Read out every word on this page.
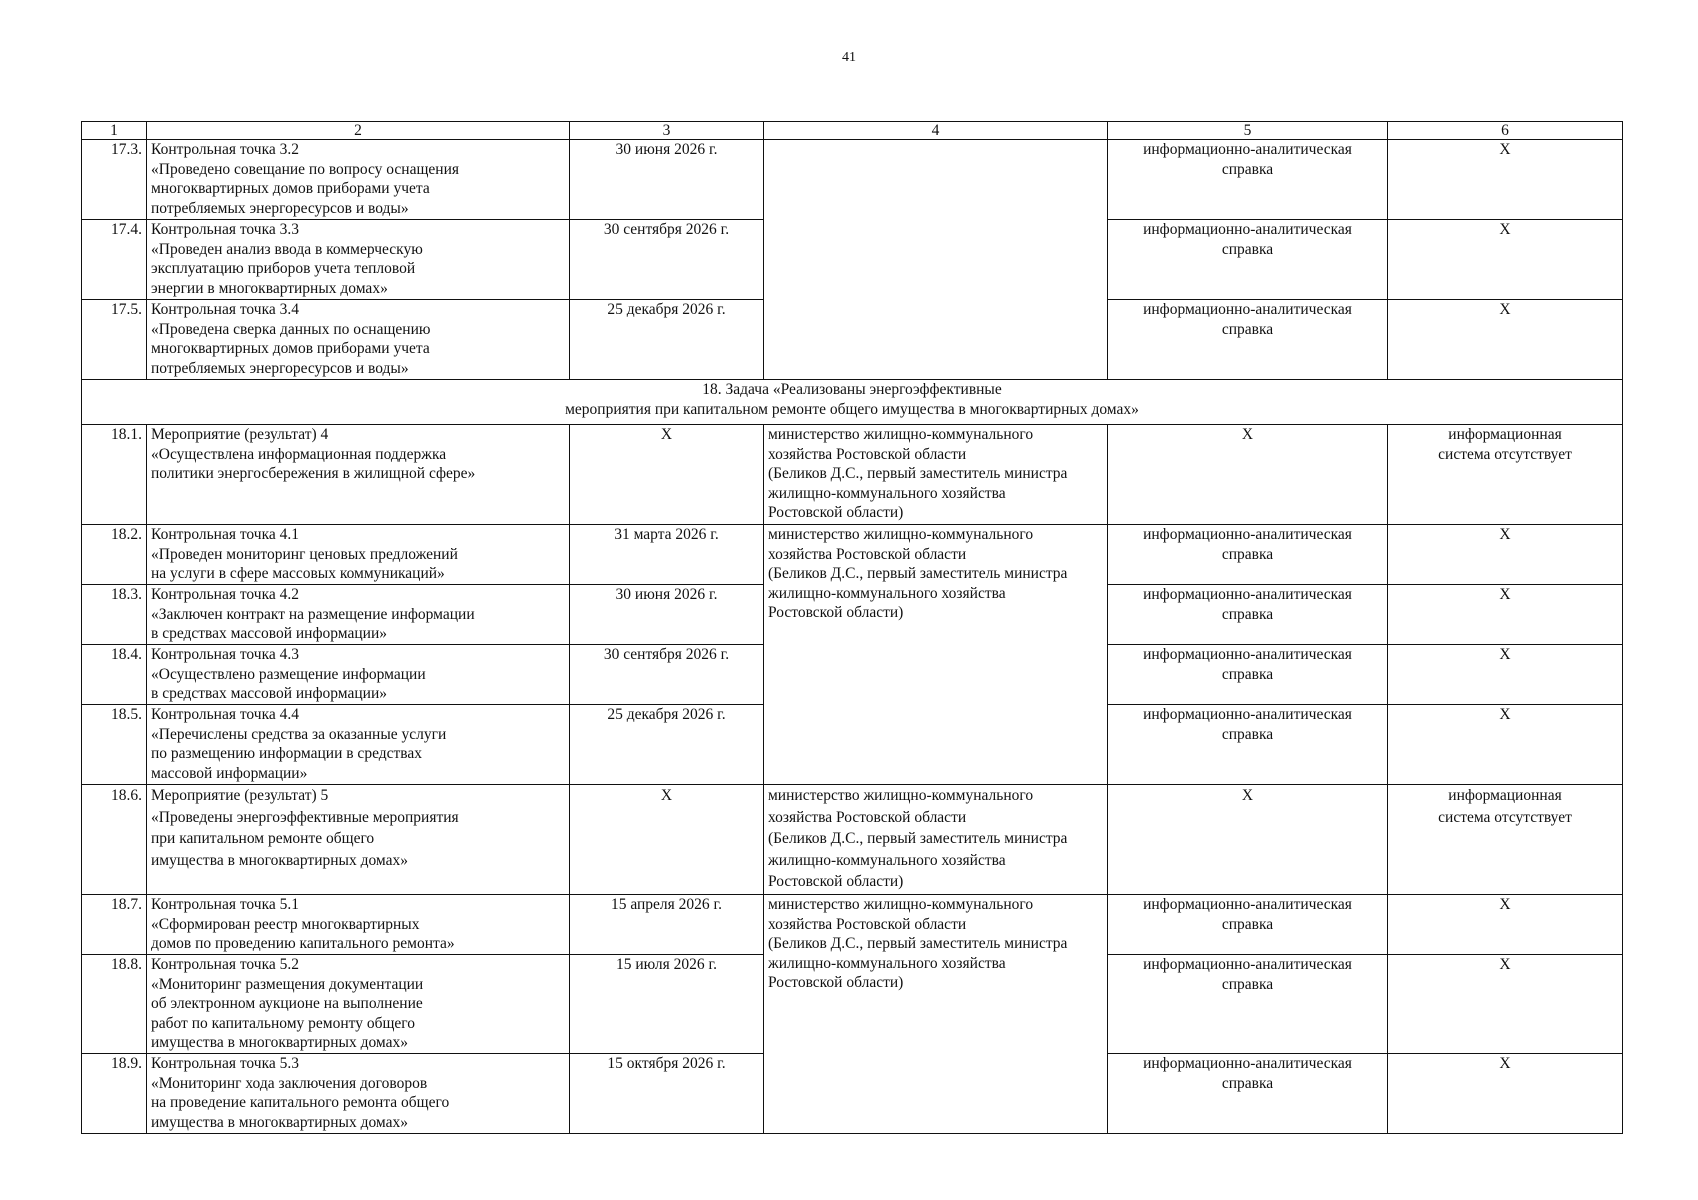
41
1	2	3	4	5	6
17.3.	Контрольная точка 3.2
«Проведено совещание по вопросу оснащения
многоквартирных домов приборами учета
потребляемых энергоресурсов и воды»	30 июня 2026 г.		информационно-аналитическая
справка	X
17.4.	Контрольная точка 3.3
«Проведен анализ ввода в коммерческую
эксплуатацию приборов учета тепловой
энергии в многоквартирных домах»	30 сентября 2026 г.		информационно-аналитическая
справка	X
17.5.	Контрольная точка 3.4
«Проведена сверка данных по оснащению
многоквартирных домов приборами учета
потребляемых энергоресурсов и воды»	25 декабря 2026 г.		информационно-аналитическая
справка	X
18. Задача «Реализованы энергоэффективные
мероприятия при капитальном ремонте общего имущества в многоквартирных домах»					
18.1.	Мероприятие (результат) 4
«Осуществлена информационная поддержка
политики энергосбережения в жилищной сфере»	X	министерство жилищно-коммунального
хозяйства Ростовской области
(Беликов Д.С., первый заместитель министра
жилищно-коммунального хозяйства
Ростовской области)	X	информационная
система отсутствует
18.2.	Контрольная точка 4.1
«Проведен мониторинг ценовых предложений
на услуги в сфере массовых коммуникаций»	31 марта 2026 г.	министерство жилищно-коммунального
хозяйства Ростовской области
(Беликов Д.С., первый заместитель министра
жилищно-коммунального хозяйства
Ростовской области)	информационно-аналитическая
справка	X
18.3.	Контрольная точка 4.2
«Заключен контракт на размещение информации
в средствах массовой информации»	30 июня 2026 г.		информационно-аналитическая
справка	X
18.4.	Контрольная точка 4.3
«Осуществлено размещение информации
в средствах массовой информации»	30 сентября 2026 г.		информационно-аналитическая
справка	X
18.5.	Контрольная точка 4.4
«Перечислены средства за оказанные услуги
по размещению информации в средствах
массовой информации»	25 декабря 2026 г.		информационно-аналитическая
справка	X
18.6.	Мероприятие (результат) 5
«Проведены энергоэффективные мероприятия
при капитальном ремонте общего
имущества в многоквартирных домах»	X	министерство жилищно-коммунального
хозяйства Ростовской области
(Беликов Д.С., первый заместитель министра
жилищно-коммунального хозяйства
Ростовской области)	X	информационная
система отсутствует
18.7.	Контрольная точка 5.1
«Сформирован реестр многоквартирных
домов по проведению капитального ремонта»	15 апреля 2026 г.	министерство жилищно-коммунального
хозяйства Ростовской области
(Беликов Д.С., первый заместитель министра
жилищно-коммунального хозяйства
Ростовской области)	информационно-аналитическая
справка	X
18.8.	Контрольная точка 5.2
«Мониторинг размещения документации
об электронном аукционе на выполнение
работ по капитальному ремонту общего
имущества в многоквартирных домах»	15 июля 2026 г.		информационно-аналитическая
справка	X
18.9.	Контрольная точка 5.3
«Мониторинг хода заключения договоров
на проведение капитального ремонта общего
имущества в многоквартирных домах»	15 октября 2026 г.		информационно-аналитическая
справка	X
